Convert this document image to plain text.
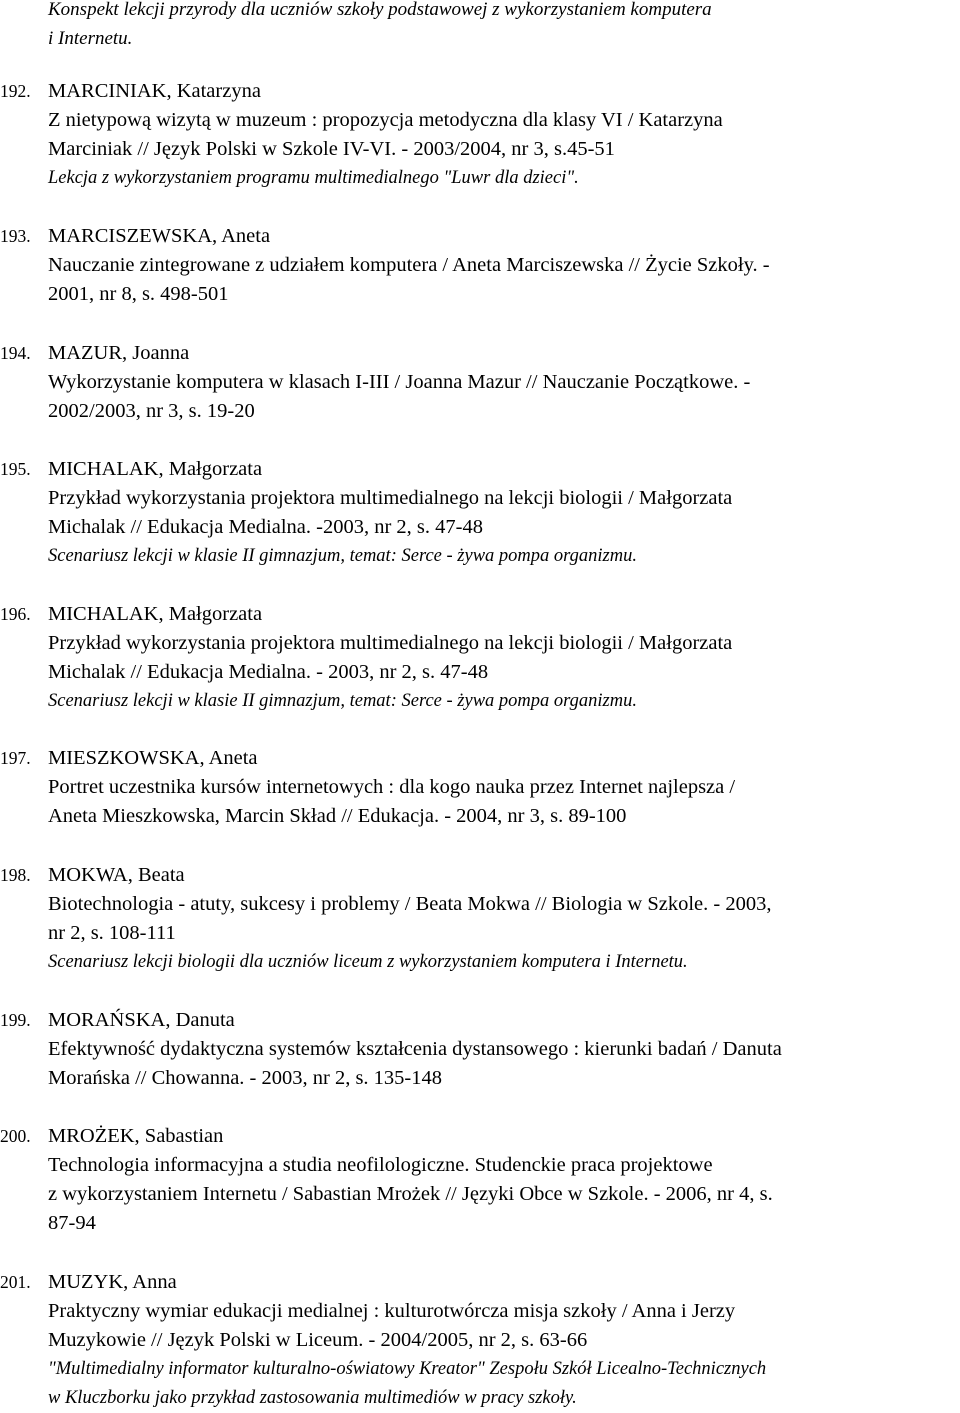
Konspekt lekcji przyrody dla uczniów szkoły podstawowej z wykorzystaniem komputera
i Internetu.
192. MARCINIAK, Katarzyna
Z nietypową wizytą w muzeum : propozycja metodyczna dla klasy VI / Katarzyna
Marciniak // Język Polski w Szkole IV-VI. - 2003/2004, nr 3, s.45-51
Lekcja z wykorzystaniem programu multimedialnego "Luwr dla dzieci".
193. MARCISZEWSKA, Aneta
Nauczanie zintegrowane z udziałem komputera / Aneta Marciszewska // Życie Szkoły. -
2001, nr 8, s. 498-501
194. MAZUR, Joanna
Wykorzystanie komputera w klasach I-III / Joanna Mazur // Nauczanie Początkowe. -
2002/2003, nr 3, s. 19-20
195. MICHALAK, Małgorzata
Przykład wykorzystania projektora multimedialnego na lekcji biologii / Małgorzata
Michalak // Edukacja Medialna. -2003, nr 2, s. 47-48
Scenariusz lekcji w klasie II gimnazjum, temat: Serce - żywa pompa organizmu.
196. MICHALAK, Małgorzata
Przykład wykorzystania projektora multimedialnego na lekcji biologii / Małgorzata
Michalak // Edukacja Medialna. - 2003, nr 2, s. 47-48
Scenariusz lekcji w klasie II gimnazjum, temat: Serce - żywa pompa organizmu.
197. MIESZKOWSKA, Aneta
Portret uczestnika kursów internetowych : dla kogo nauka przez Internet najlepsza /
Aneta Mieszkowska, Marcin Skład // Edukacja. - 2004, nr 3, s. 89-100
198. MOKWA, Beata
Biotechnologia - atuty, sukcesy i problemy / Beata Mokwa // Biologia w Szkole. - 2003,
nr 2, s. 108-111
Scenariusz lekcji biologii dla uczniów liceum z wykorzystaniem komputera i Internetu.
199. MORAŃSKA, Danuta
Efektywność dydaktyczna systemów kształcenia dystansowego : kierunki badań / Danuta
Morańska // Chowanna. - 2003, nr 2, s. 135-148
200. MROŻEK, Sabastian
Technologia informacyjna a studia neofilologiczne. Studenckie praca projektowe
z wykorzystaniem Internetu / Sabastian Mrożek // Języki Obce w Szkole. - 2006, nr 4, s.
87-94
201. MUZYK, Anna
Praktyczny wymiar edukacji medialnej : kulturotwórcza misja szkoły / Anna i Jerzy
Muzykowie // Język Polski w Liceum. - 2004/2005, nr 2, s. 63-66
"Multimedialny informator kulturalno-oświatowy Kreator" Zespołu Szkół Licealno-Technicznych
w Kluczborku jako przykład zastosowania multimediów w pracy szkoły.
